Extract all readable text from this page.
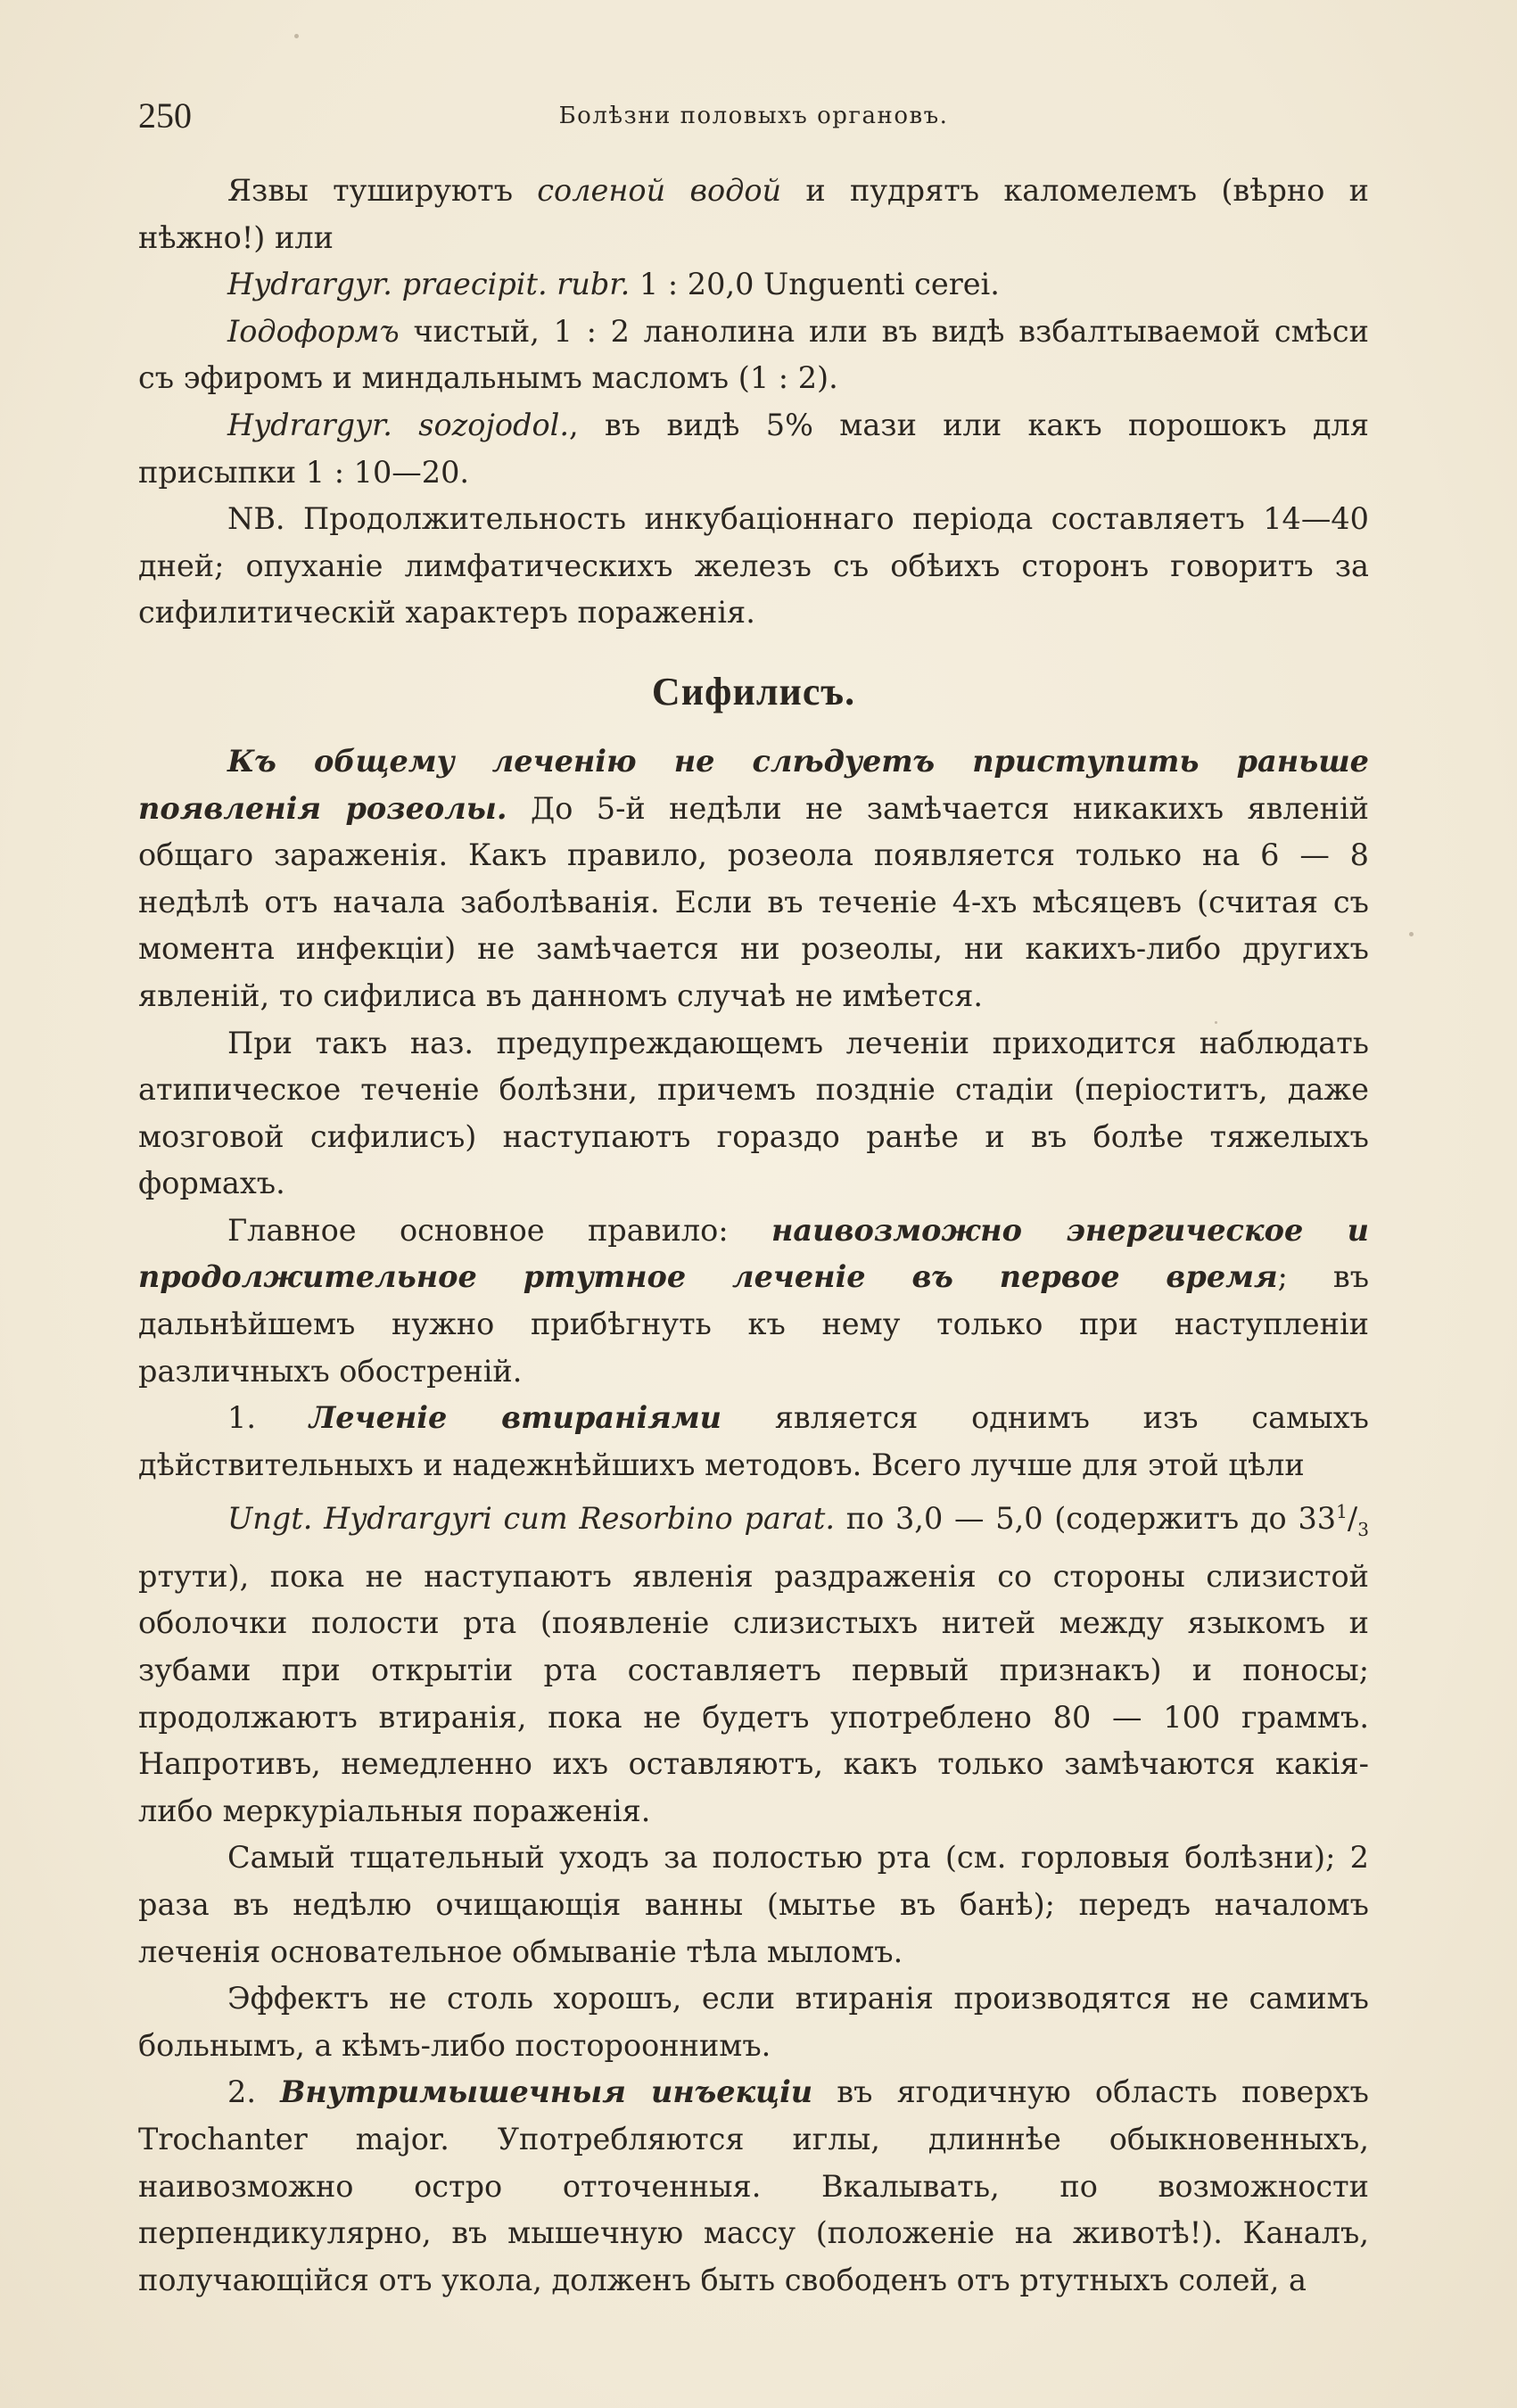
250	Болѣзни половыхъ органовъ.

Язвы тушируютъ соленой водой и пудрятъ каломелемъ (вѣрно и нѣжно!) или

Hydrargyr. praecipit. rubr. 1 : 20,0 Unguenti cerei.

Іодоформъ чистый, 1 : 2 ланолина или въ видѣ взбалтываемой смѣси съ эфиромъ и миндальнымъ масломъ (1 : 2).

Hydrargyr. sozojodol., въ видѣ 5% мази или какъ порошокъ для присыпки 1 : 10—20.

NB. Продолжительность инкубаціоннаго періода составляетъ 14—40 дней; опуханіе лимфатическихъ железъ съ обѣихъ сторонъ говоритъ за сифилитическій характеръ пораженія.

Сифилисъ.

Къ общему леченію не слѣдуетъ приступить раньше появленія розеолы. До 5-й недѣли не замѣчается никакихъ явленій общаго зараженія. Какъ правило, розеола появляется только на 6 — 8 недѣлѣ отъ начала заболѣванія. Если въ теченіе 4-хъ мѣсяцевъ (считая съ момента инфекціи) не замѣчается ни розеолы, ни какихъ-либо другихъ явленій, то сифилиса въ данномъ случаѣ не имѣется.

При такъ наз. предупреждающемъ леченіи приходится наблюдать атипическое теченіе болѣзни, причемъ поздніе стадіи (періоститъ, даже мозговой сифилисъ) наступаютъ гораздо ранѣе и въ болѣе тяжелыхъ формахъ.

Главное основное правило: наивозможно энергическое и продолжительное ртутное леченіе въ первое время; въ дальнѣйшемъ нужно прибѣгнуть къ нему только при наступленіи различныхъ обостреній.

1. Леченіе втираніями является однимъ изъ самыхъ дѣйствительныхъ и надежнѣйшихъ методовъ. Всего лучше для этой цѣли

Ungt. Hydrargyri cum Resorbino parat. по 3,0 — 5,0 (содержитъ до $33^1/_3$ ртути), пока не наступаютъ явленія раздраженія со стороны слизистой оболочки полости рта (появленіе слизистыхъ нитей между языкомъ и зубами при открытіи рта составляетъ первый признакъ) и поносы; продолжаютъ втиранія, пока не будетъ употреблено 80 — 100 граммъ. Напротивъ, немедленно ихъ оставляютъ, какъ только замѣчаются какія-либо меркуріальныя пораженія.

Самый тщательный уходъ за полостью рта (см. горловыя болѣзни); 2 раза въ недѣлю очищающія ванны (мытье въ банѣ); передъ началомъ леченія основательное обмываніе тѣла мыломъ.

Эффектъ не столь хорошъ, если втиранія производятся не самимъ больнымъ, а кѣмъ-либо посторооннимъ.

2. Внутримышечныя инъекціи въ ягодичную область поверхъ Trochanter major. Употребляются иглы, длиннѣе обыкновенныхъ, наивозможно остро отточенныя. Вкалывать, по возможности перпендикулярно, въ мышечную массу (положеніе на животѣ!). Каналъ, получающійся отъ укола, долженъ быть свободенъ отъ ртутныхъ солей, а
